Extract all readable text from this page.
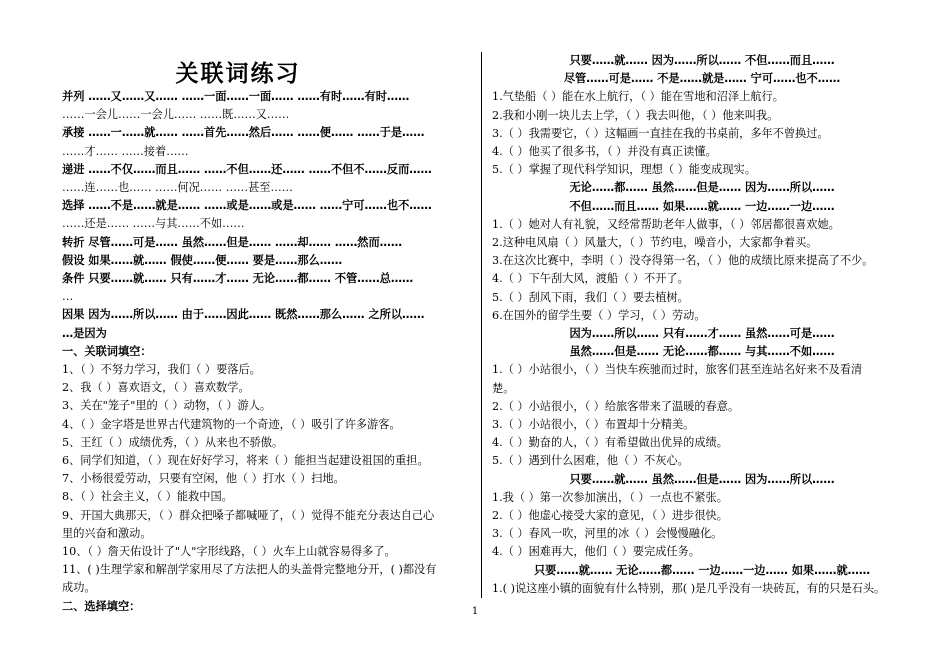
关联词练习
并列 ……又……又…… ……一面……一面…… ……有时……有时……
……一会儿……一会儿…… ……既……又……
承接 ……一……就…… ……首先……然后…… ……便…… ……于是……
……才…… ……接着……
递进 ……不仅……而且…… ……不但……还…… ……不但不……反而……
……连……也…… ……何况…… ……甚至……
选择 ……不是……就是…… ……或是……或是…… ……宁可……也不……
……还是…… ……与其……不如……
转折 尽管……可是…… 虽然……但是…… ……却…… ……然而……
假设 如果……就…… 假使……便…… 要是……那么……
条件 只要……就…… 只有……才…… 无论……都…… 不管……总……
…
因果 因为……所以…… 由于……因此…… 既然……那么…… 之所以……
…是因为
一、关联词填空：
1、（ ）不努力学习，我们（ ）要落后。
2、我（ ）喜欢语文，（ ）喜欢数学。
3、关在"笼子"里的（ ）动物，（ ）游人。
4、（ ）金字塔是世界古代建筑物的一个奇迹，（ ）吸引了许多游客。
5、王红（ ）成绩优秀，（ ）从来也不骄傲。
6、同学们知道，（ ）现在好好学习，将来（ ）能担当起建设祖国的重担。
7、小杨很爱劳动，只要有空闲，他（ ）打水（ ）扫地。
8、（ ）社会主义，（ ）能救中国。
9、开国大典那天，（ ）群众把嗓子都喊哑了，（ ）觉得不能充分表达自己心
里的兴奋和激动。
10、（ ）詹天佑设计了"人"字形线路，（ ）火车上山就容易得多了。
11、( )生理学家和解剖学家用尽了方法把人的头盖骨完整地分开，( )都没有
成功。
二、选择填空：
只要……就…… 因为……所以…… 不但……而且……
尽管……可是…… 不是……就是…… 宁可……也不……
1.气垫船（ ）能在水上航行，（ ）能在雪地和沼泽上航行。
2.我和小刚一块儿去上学，（ ）我去叫他，（ ）他来叫我。
3.（ ）我需要它，（ ）这幅画一直挂在我的书桌前，多年不曾换过。
4.（ ）他买了很多书，（ ）并没有真正读懂。
5.（ ）掌握了现代科学知识，理想（ ）能变成现实。
无论……都…… 虽然……但是…… 因为……所以……
不但……而且…… 如果……就…… 一边……一边……
1.（ ）她对人有礼貌，又经常帮助老年人做事，（ ）邻居都很喜欢她。
2.这种电风扇（ ）风量大，（ ）节约电，噪音小，大家都争着买。
3.在这次比赛中，李明（ ）没夺得第一名，（ ）他的成绩比原来提高了不少。
4.（ ）下午刮大风，渡船（ ）不开了。
5.（ ）刮风下雨，我们（ ）要去植树。
6.在国外的留学生要（ ）学习，（ ）劳动。
因为……所以…… 只有……才…… 虽然……可是……
虽然……但是…… 无论……都…… 与其……不如……
1.（ ）小站很小，（ ）当快车疾驰而过时，旅客们甚至连站名好来不及看清
楚。
2.（ ）小站很小，（ ）给旅客带来了温暖的春意。
3.（ ）小站很小，（ ）布置却十分精美。
4.（ ）勤奋的人，（ ）有希望做出优异的成绩。
5.（ ）遇到什么困难，他（ ）不灰心。
只要……就…… 虽然……但是…… 因为……所以……
1.我（ ）第一次参加演出，（ ）一点也不紧张。
2.（ ）他虚心接受大家的意见，（ ）进步很快。
3.（ ）春风一吹，河里的冰（ ）会慢慢融化。
4.（ ）困难再大，他们（ ）要完成任务。
只要……就…… 无论……都…… 一边……一边…… 如果……就……
1.( )说这座小镇的面貌有什么特别，那( )是几乎没有一块砖瓦，有的只是石头。
1
